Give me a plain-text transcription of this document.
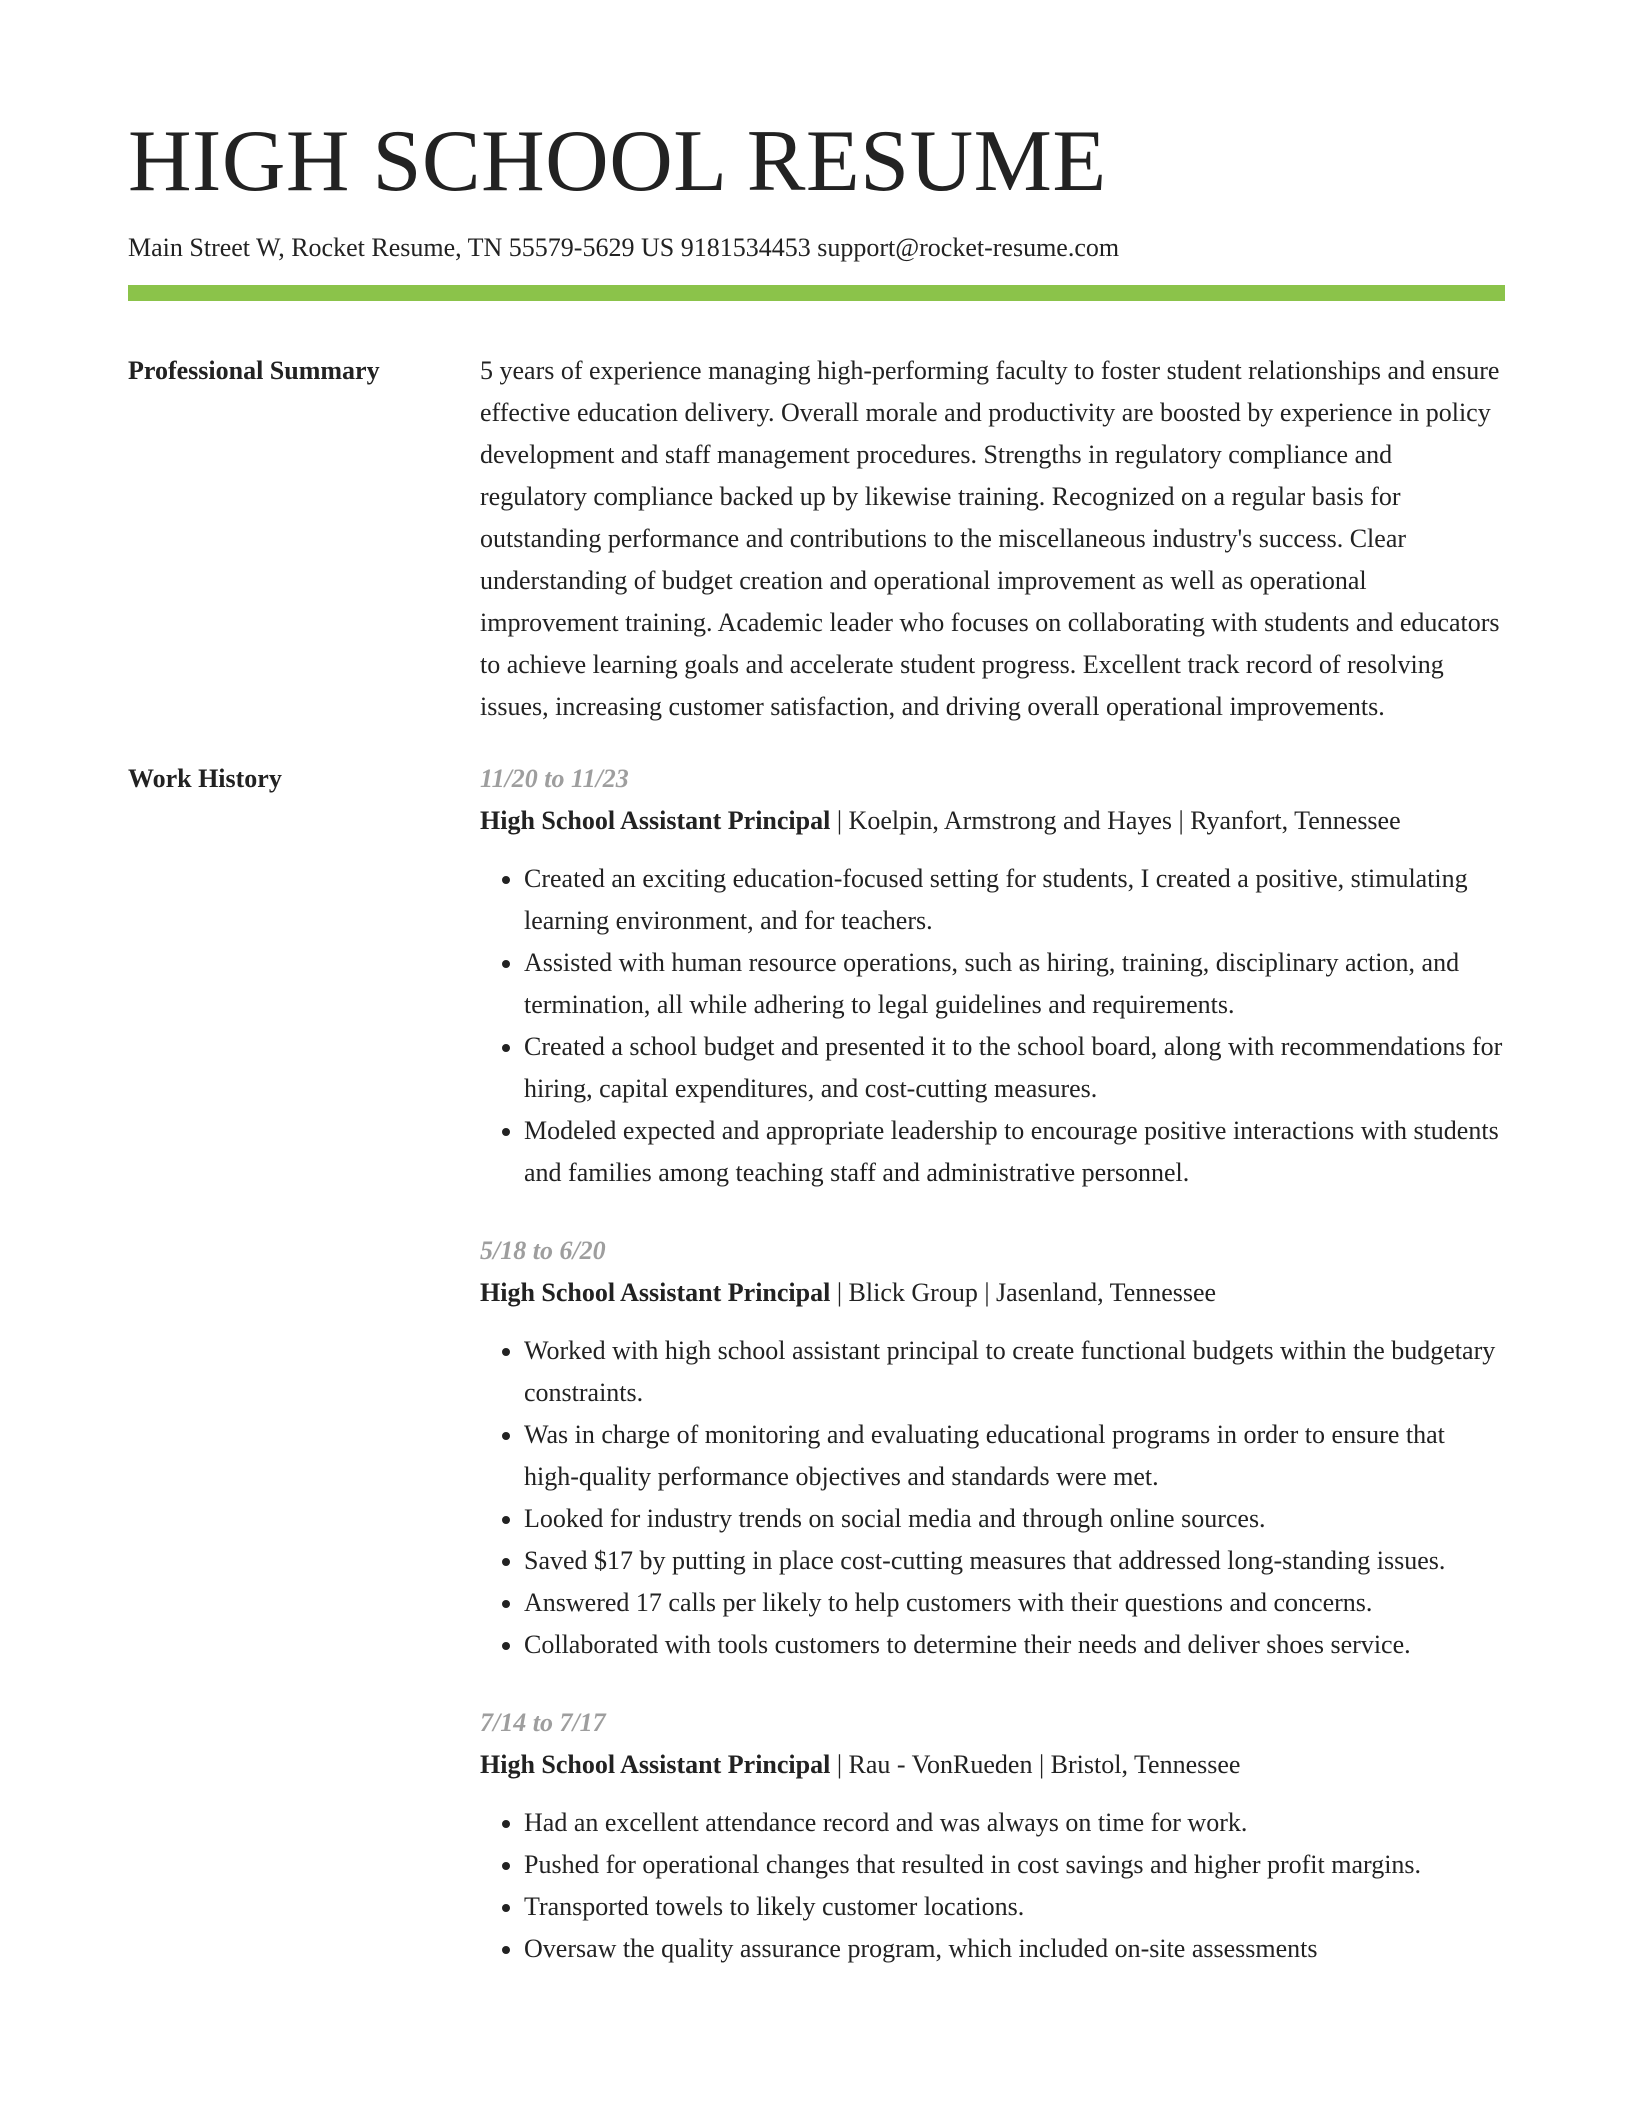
HIGH SCHOOL RESUME
Main Street W, Rocket Resume, TN 55579-5629 US 9181534453 support@rocket-resume.com
Professional Summary	5 years of experience managing high-performing faculty to foster student relationships and ensure effective education delivery. Overall morale and productivity are boosted by experience in policy development and staff management procedures. Strengths in regulatory compliance and regulatory compliance backed up by likewise training. Recognized on a regular basis for outstanding performance and contributions to the miscellaneous industry's success. Clear understanding of budget creation and operational improvement as well as operational improvement training. Academic leader who focuses on collaborating with students and educators to achieve learning goals and accelerate student progress. Excellent track record of resolving issues, increasing customer satisfaction, and driving overall operational improvements.

Work History	11/20 to 11/23
High School Assistant Principal | Koelpin, Armstrong and Hayes | Ryanfort, Tennessee
• Created an exciting education-focused setting for students, I created a positive, stimulating learning environment, and for teachers.
• Assisted with human resource operations, such as hiring, training, disciplinary action, and termination, all while adhering to legal guidelines and requirements.
• Created a school budget and presented it to the school board, along with recommendations for hiring, capital expenditures, and cost-cutting measures.
• Modeled expected and appropriate leadership to encourage positive interactions with students and families among teaching staff and administrative personnel.
5/18 to 6/20
High School Assistant Principal | Blick Group | Jasenland, Tennessee
• Worked with high school assistant principal to create functional budgets within the budgetary constraints.
• Was in charge of monitoring and evaluating educational programs in order to ensure that high-quality performance objectives and standards were met.
• Looked for industry trends on social media and through online sources.
• Saved $17 by putting in place cost-cutting measures that addressed long-standing issues.
• Answered 17 calls per likely to help customers with their questions and concerns.
• Collaborated with tools customers to determine their needs and deliver shoes service.
7/14 to 7/17
High School Assistant Principal | Rau - VonRueden | Bristol, Tennessee
• Had an excellent attendance record and was always on time for work.
• Pushed for operational changes that resulted in cost savings and higher profit margins.
• Transported towels to likely customer locations.
• Oversaw the quality assurance program, which included on-site assessments
